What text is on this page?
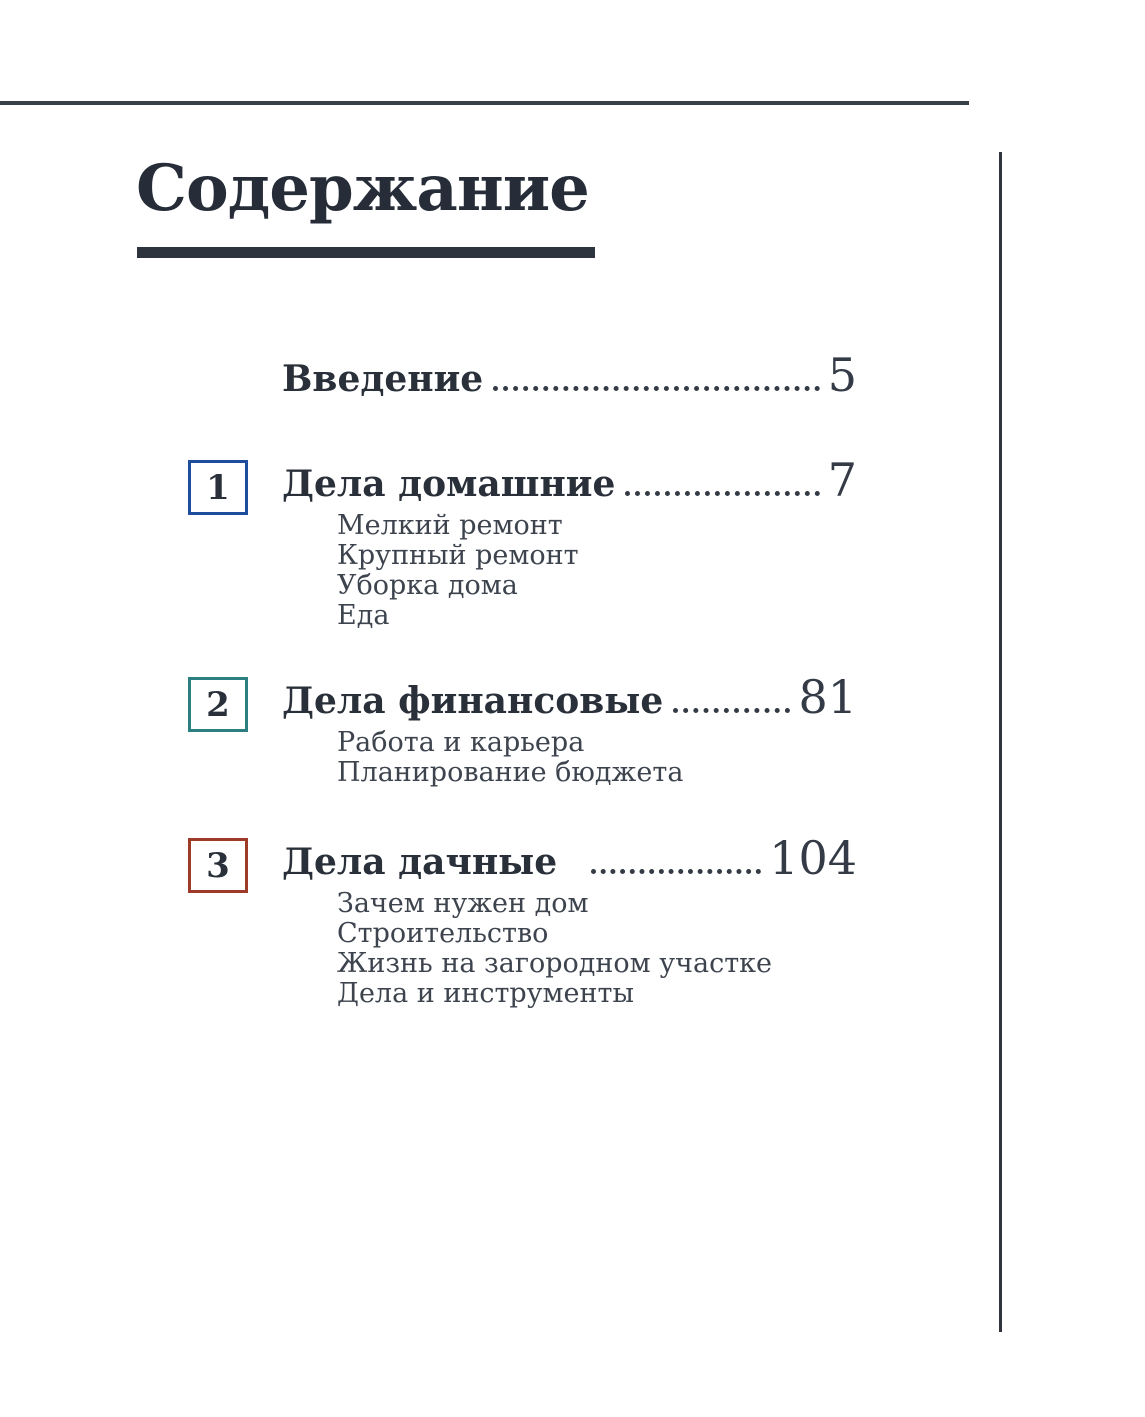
Содержание
Введение	5
1 Дела домашние	7
Мелкий ремонт
Крупный ремонт
Уборка дома
Еда
2 Дела финансовые	81
Работа и карьера
Планирование бюджета
3 Дела дачные	104
Зачем нужен дом
Строительство
Жизнь на загородном участке
Дела и инструменты
